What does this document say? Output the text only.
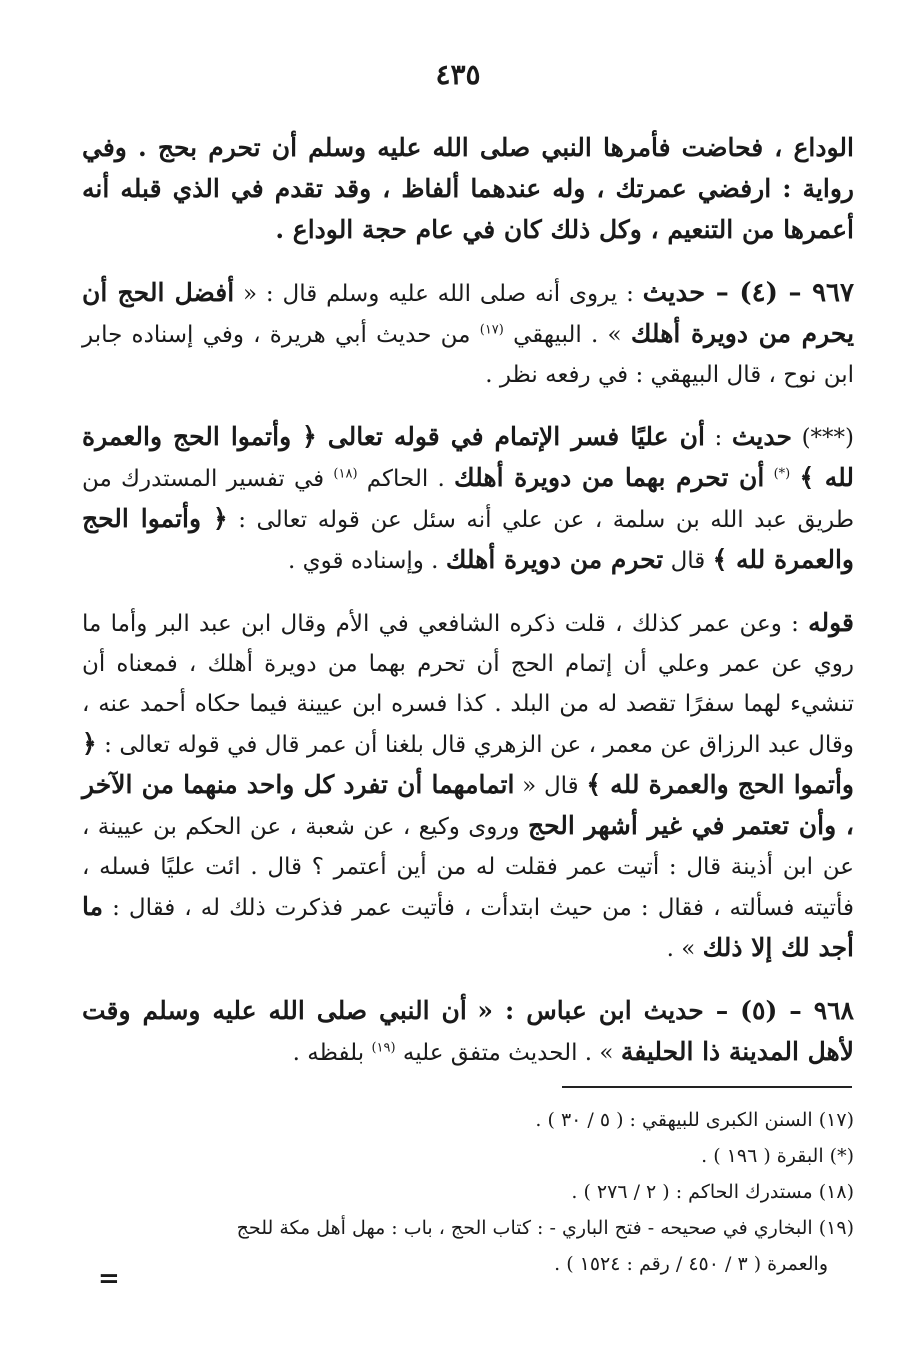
٤٣٥

الوداع ، فحاضت فأمرها النبي صلى الله عليه وسلم أن تحرم بحج . وفي رواية : ارفضي عمرتك ، وله عندهما ألفاظ ، وقد تقدم في الذي قبله أنه أعمرها من التنعيم ، وكل ذلك كان في عام حجة الوداع .

٩٦٧ – (٤) – حديث : يروى أنه صلى الله عليه وسلم قال : « أفضل الحج أن يحرم من دويرة أهلك » . البيهقي $^{(١٧)}$ من حديث أبي هريرة ، وفي إسناده جابر ابن نوح ، قال البيهقي : في رفعه نظر .

(***) حديث : أن عليًا فسر الإتمام في قوله تعالى ﴿ وأتموا الحج والعمرة لله ﴾ (*) أن تحرم بهما من دويرة أهلك . الحاكم $^{(١٨)}$ في تفسير المستدرك من طريق عبد الله بن سلمة ، عن علي أنه سئل عن قوله تعالى : ﴿ وأتموا الحج والعمرة لله ﴾ قال تحرم من دويرة أهلك . وإسناده قوي .

قوله : وعن عمر كذلك ، قلت ذكره الشافعي في الأم وقال ابن عبد البر وأما ما روي عن عمر وعلي أن إتمام الحج أن تحرم بهما من دويرة أهلك ، فمعناه أن تنشيء لهما سفرًا تقصد له من البلد . كذا فسره ابن عيينة فيما حكاه أحمد عنه ، وقال عبد الرزاق عن معمر ، عن الزهري قال بلغنا أن عمر قال في قوله تعالى : ﴿ وأتموا الحج والعمرة لله ﴾ قال « اتمامهما أن تفرد كل واحد منهما من الآخر ، وأن تعتمر في غير أشهر الحج وروى وكيع ، عن شعبة ، عن الحكم بن عيينة ، عن ابن أذينة قال : أتيت عمر فقلت له من أين أعتمر ؟ قال . ائت عليًا فسله ، فأتيته فسألته ، فقال : من حيث ابتدأت ، فأتيت عمر فذكرت ذلك له ، فقال : ما أجد لك إلا ذلك » .

٩٦٨ – (٥) – حديث ابن عباس : « أن النبي صلى الله عليه وسلم وقت لأهل المدينة ذا الحليفة » . الحديث متفق عليه $^{(١٩)}$ بلفظه .

(١٧) السنن الكبرى للبيهقي : ( ٥ / ٣٠ ) .

(*) البقرة ( ١٩٦ ) .

(١٨) مستدرك الحاكم : ( ٢ / ٢٧٦ ) .

(١٩) البخاري في صحيحه - فتح الباري - : كتاب الحج ، باب : مهل أهل مكة للحج

والعمرة ( ٣ / ٤٥٠ / رقم : ١٥٢٤ ) .

=
